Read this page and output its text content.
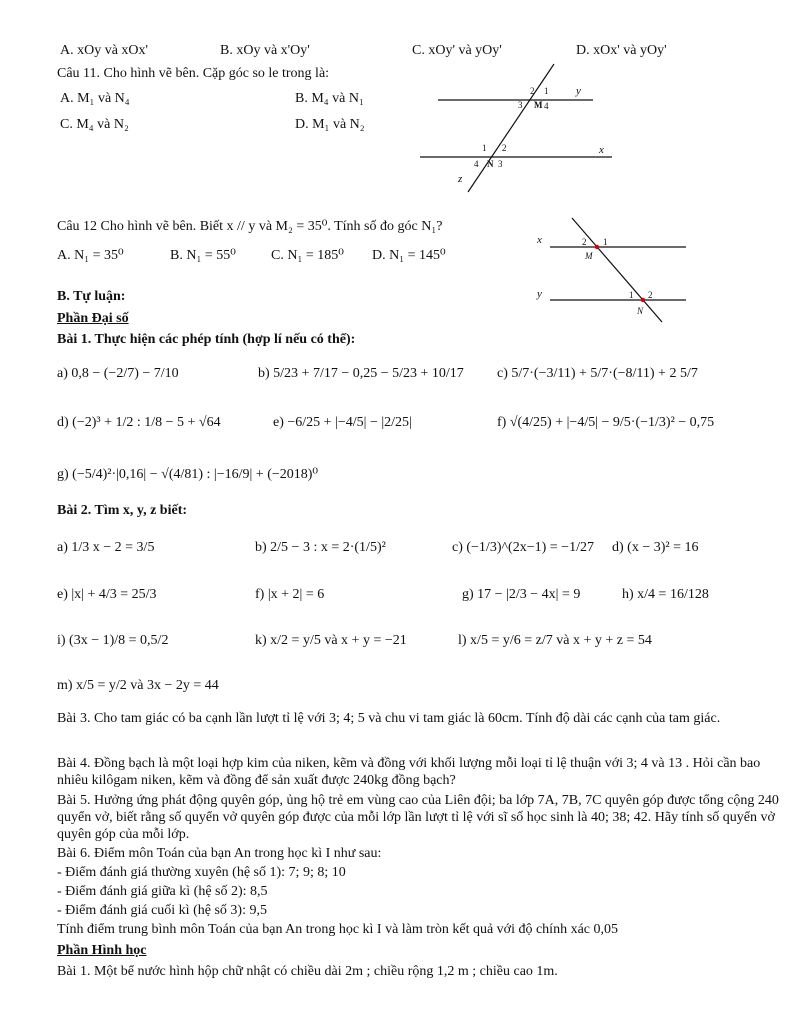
A. xOy và xOx'	B. xOy và x'Oy'	C. xOy' và yOy'	D. xOx' và yOy'
Câu 11. Cho hình vẽ bên. Cặp góc so le trong là:
A. M₁ và N₄	B. M₄ và N₁
C. M₄ và N₂	D. M₁ và N₂
2 1
3 M 4
y
1 2	x
4 N 3
z
Câu 12 Cho hình vẽ bên. Biết x // y và M₂ = 35⁰. Tính số đo góc N₁?
A. N₁ = 35⁰	B. N₁ = 55⁰	C. N₁ = 185⁰ D. N₁ = 145⁰
x
y
2 1
M
1 2
N
B. Tự luận:
Phần Đại số
Bài 1. Thực hiện các phép tính (hợp lí nếu có thể):
a) 0,8 − (−2/7) − 7/10	b) 5/23 + 7/17 − 0,25 − 5/23 + 10/17 c) 5/7·(−3/11) + 5/7·(−8/11) + 2 5/7
d) (−2)³ + 1/2 : 1/8 − 5 + √64	e) −6/25 + |−4/5| − |2/25|	f) √(4/25) + |−4/5| − 9/5·(−1/3)² − 0,75
g) (−5/4)²·|0,16| − √(4/81) : |−16/9| + (−2018)⁰
Bài 2. Tìm x, y, z biết:
a) 1/3 x − 2 = 3/5	b) 2/5 − 3 : x = 2·(1/5)²	c) (−1/3)^(2x−1) = −1/27 d) (x − 3)² = 16
e) |x| + 4/3 = 25/3	f) |x + 2| = 6	g) 17 − |2/3 − 4x| = 9	h) x/4 = 16/128
i) (3x − 1)/8 = 0,5/2	k) x/2 = y/5 và x + y = −21	l) x/5 = y/6 = z/7 và x + y + z = 54
m) x/5 = y/2 và 3x − 2y = 44
Bài 3. Cho tam giác có ba cạnh lần lượt tỉ lệ với 3; 4; 5 và chu vi tam giác là 60cm. Tính độ dài các cạnh của tam giác.
Bài 4. Đồng bạch là một loại hợp kim của niken, kẽm và đồng với khối lượng mỗi loại tỉ lệ thuận với 3; 4 và 13 . Hỏi cần bao nhiêu kilôgam niken, kẽm và đồng để sản xuất được 240kg đồng bạch?
Bài 5. Hưởng ứng phát động quyên góp, ủng hộ trẻ em vùng cao của Liên đội; ba lớp 7A, 7B, 7C quyên góp được tổng cộng 240 quyển vở, biết rằng số quyển vở quyên góp được của mỗi lớp lần lượt tỉ lệ với sĩ số học sinh là 40; 38; 42. Hãy tính số quyển vở quyên góp của mỗi lớp.
Bài 6. Điểm môn Toán của bạn An trong học kì I như sau:
- Điểm đánh giá thường xuyên (hệ số 1): 7; 9; 8; 10
- Điểm đánh giá giữa kì (hệ số 2): 8,5
- Điểm đánh giá cuối kì (hệ số 3): 9,5
Tính điểm trung bình môn Toán của bạn An trong học kì I và làm tròn kết quả với độ chính xác 0,05
Phần Hình học
Bài 1. Một bể nước hình hộp chữ nhật có chiều dài 2m ; chiều rộng 1,2 m ; chiều cao 1m.
